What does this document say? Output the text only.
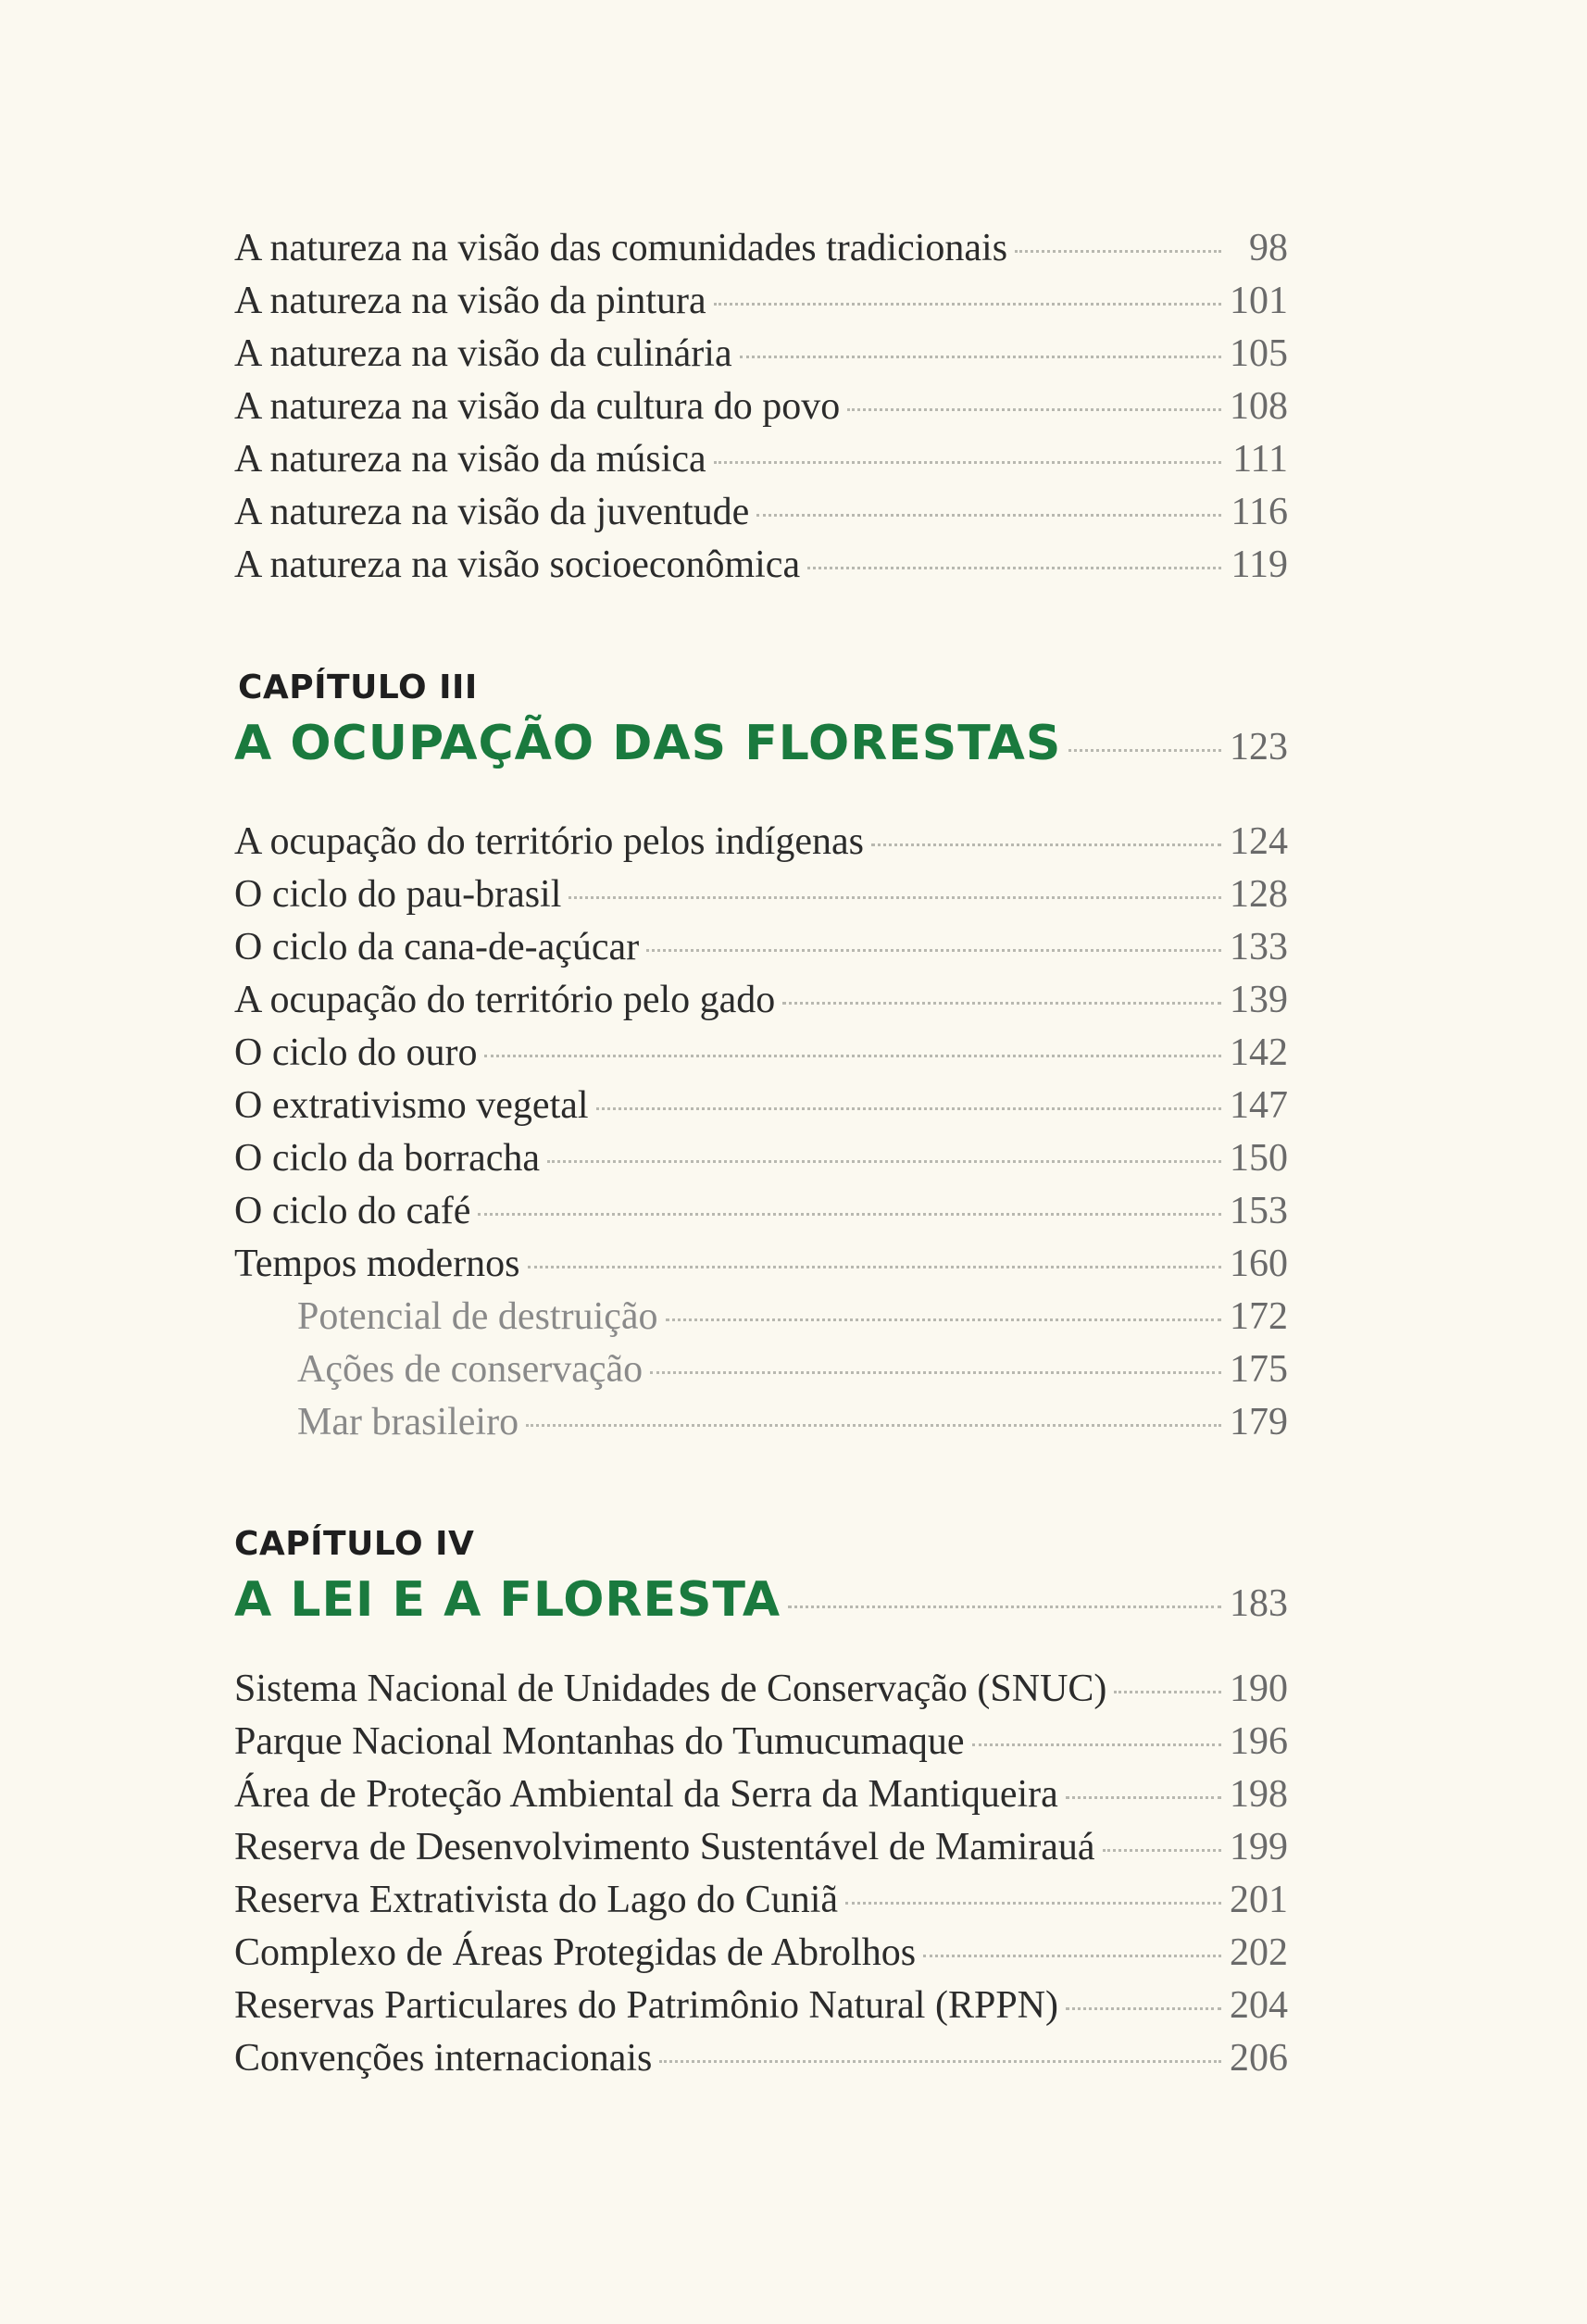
A natureza na visão das comunidades tradicionais	98
A natureza na visão da pintura	101
A natureza na visão da culinária	105
A natureza na visão da cultura do povo	108
A natureza na visão da música	111
A natureza na visão da juventude	116
A natureza na visão socioeconômica	119
CAPÍTULO III
A OCUPAÇÃO DAS FLORESTAS	123
A ocupação do território pelos indígenas	124
O ciclo do pau-brasil	128
O ciclo da cana-de-açúcar	133
A ocupação do território pelo gado	139
O ciclo do ouro	142
O extrativismo vegetal	147
O ciclo da borracha	150
O ciclo do café	153
Tempos modernos	160
Potencial de destruição	172
Ações de conservação	175
Mar brasileiro	179
CAPÍTULO IV
A LEI E A FLORESTA	183
Sistema Nacional de Unidades de Conservação (SNUC)	190
Parque Nacional Montanhas do Tumucumaque	196
Área de Proteção Ambiental da Serra da Mantiqueira	198
Reserva de Desenvolvimento Sustentável de Mamirauá	199
Reserva Extrativista do Lago do Cuniã	201
Complexo de Áreas Protegidas de Abrolhos	202
Reservas Particulares do Patrimônio Natural (RPPN)	204
Convenções internacionais	206
